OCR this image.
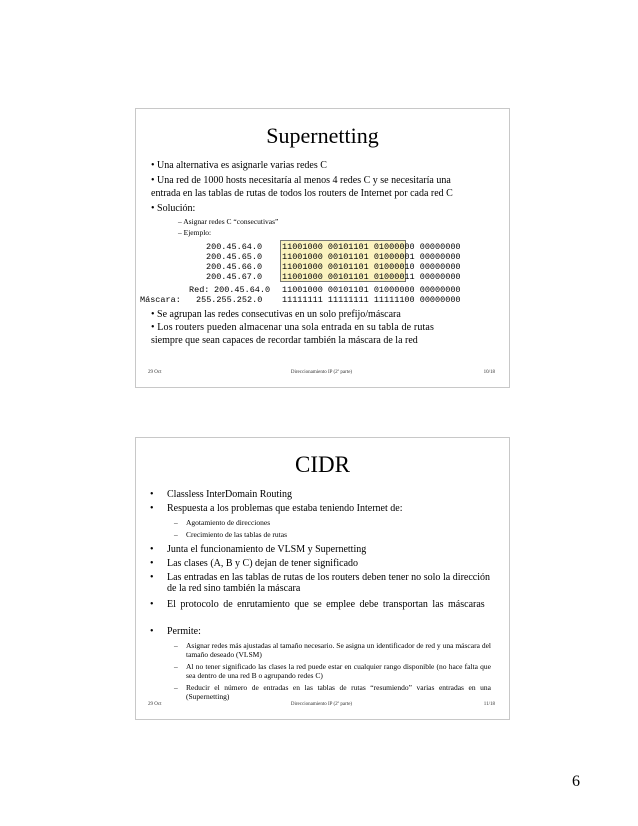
Supernetting
• Una alternativa es asignarle varias redes C
• Una red de 1000 hosts necesitaría al menos 4 redes C y se necesitaría una
entrada en las tablas de rutas de todos los routers de Internet por cada red C
• Solución:
– Asignar redes C “consecutivas”
– Ejemplo:
200.45.64.0 11001000 00101101 01000000 00000000
200.45.65.0 11001000 00101101 01000001 00000000
200.45.66.0 11001000 00101101 01000010 00000000
200.45.67.0 11001000 00101101 01000011 00000000
Red: 200.45.64.0 11001000 00101101 01000000 00000000
Máscara: 255.255.252.0 11111111 11111111 11111100 00000000
• Se agrupan las redes consecutivas en un solo prefijo/máscara
• Los routers pueden almacenar una sola entrada en su tabla de rutas
siempre que sean capaces de recordar también la máscara de la red
29 Oct	Direccionamiento IP (2º parte)	10/18
CIDR
• Classless InterDomain Routing
• Respuesta a los problemas que estaba teniendo Internet de:
– Agotamiento de direcciones
– Crecimiento de las tablas de rutas
• Junta el funcionamiento de VLSM y Supernetting
• Las clases (A, B y C) dejan de tener significado
• Las entradas en las tablas de rutas de los routers deben tener no solo la dirección de la red sino también la máscara
• El protocolo de enrutamiento que se emplee debe transportan las máscaras
• Permite:
– Asignar redes más ajustadas al tamaño necesario. Se asigna un identificador de red y una máscara del tamaño deseado (VLSM)
– Al no tener significado las clases la red puede estar en cualquier rango disponible (no hace falta que sea dentro de una red B o agrupando redes C)
– Reducir el número de entradas en las tablas de rutas “resumiendo” varias entradas en una (Supernetting)
29 Oct	Direccionamiento IP (2º parte)	11/18
6
